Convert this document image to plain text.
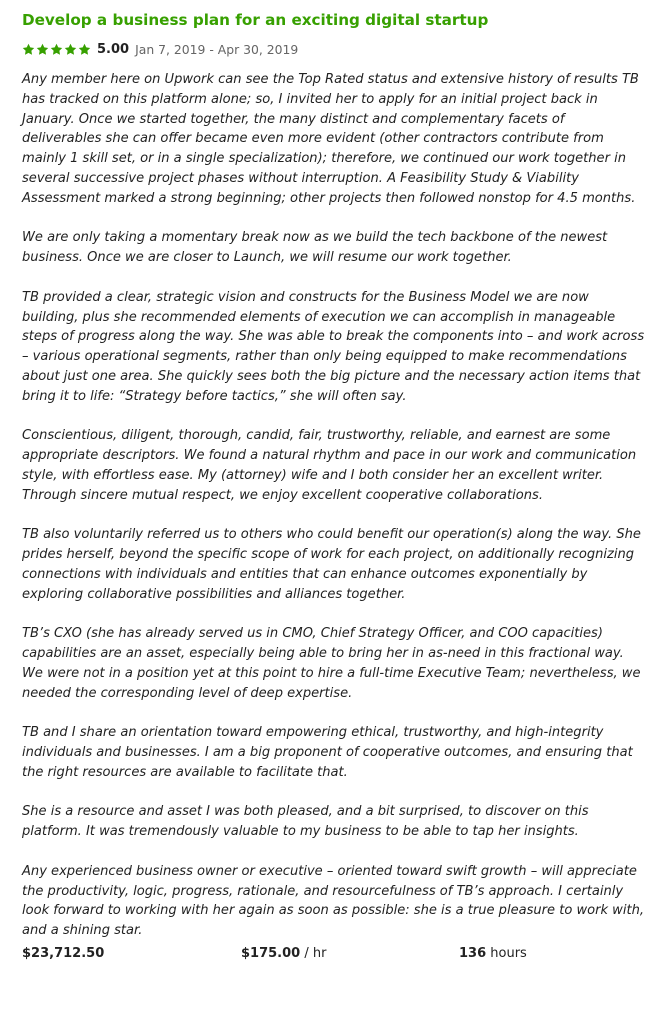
Develop a business plan for an exciting digital startup
5.00 Jan 7, 2019 - Apr 30, 2019

Any member here on Upwork can see the Top Rated status and extensive history of results TB has tracked on this platform alone; so, I invited her to apply for an initial project back in January. Once we started together, the many distinct and complementary facets of deliverables she can offer became even more evident (other contractors contribute from mainly 1 skill set, or in a single specialization); therefore, we continued our work together in several successive project phases without interruption. A Feasibility Study & Viability Assessment marked a strong beginning; other projects then followed nonstop for 4.5 months.

We are only taking a momentary break now as we build the tech backbone of the newest business. Once we are closer to Launch, we will resume our work together.

TB provided a clear, strategic vision and constructs for the Business Model we are now building, plus she recommended elements of execution we can accomplish in manageable steps of progress along the way. She was able to break the components into – and work across – various operational segments, rather than only being equipped to make recommendations about just one area. She quickly sees both the big picture and the necessary action items that bring it to life: “Strategy before tactics,” she will often say.

Conscientious, diligent, thorough, candid, fair, trustworthy, reliable, and earnest are some appropriate descriptors. We found a natural rhythm and pace in our work and communication style, with effortless ease. My (attorney) wife and I both consider her an excellent writer. Through sincere mutual respect, we enjoy excellent cooperative collaborations.

TB also voluntarily referred us to others who could benefit our operation(s) along the way. She prides herself, beyond the specific scope of work for each project, on additionally recognizing connections with individuals and entities that can enhance outcomes exponentially by exploring collaborative possibilities and alliances together.

TB’s CXO (she has already served us in CMO, Chief Strategy Officer, and COO capacities) capabilities are an asset, especially being able to bring her in as-need in this fractional way. We were not in a position yet at this point to hire a full-time Executive Team; nevertheless, we needed the corresponding level of deep expertise.

TB and I share an orientation toward empowering ethical, trustworthy, and high-integrity individuals and businesses. I am a big proponent of cooperative outcomes, and ensuring that the right resources are available to facilitate that.

She is a resource and asset I was both pleased, and a bit surprised, to discover on this platform. It was tremendously valuable to my business to be able to tap her insights.

Any experienced business owner or executive – oriented toward swift growth – will appreciate the productivity, logic, progress, rationale, and resourcefulness of TB’s approach. I certainly look forward to working with her again as soon as possible: she is a true pleasure to work with, and a shining star.

$23,712.50	$175.00 / hr	136 hours
